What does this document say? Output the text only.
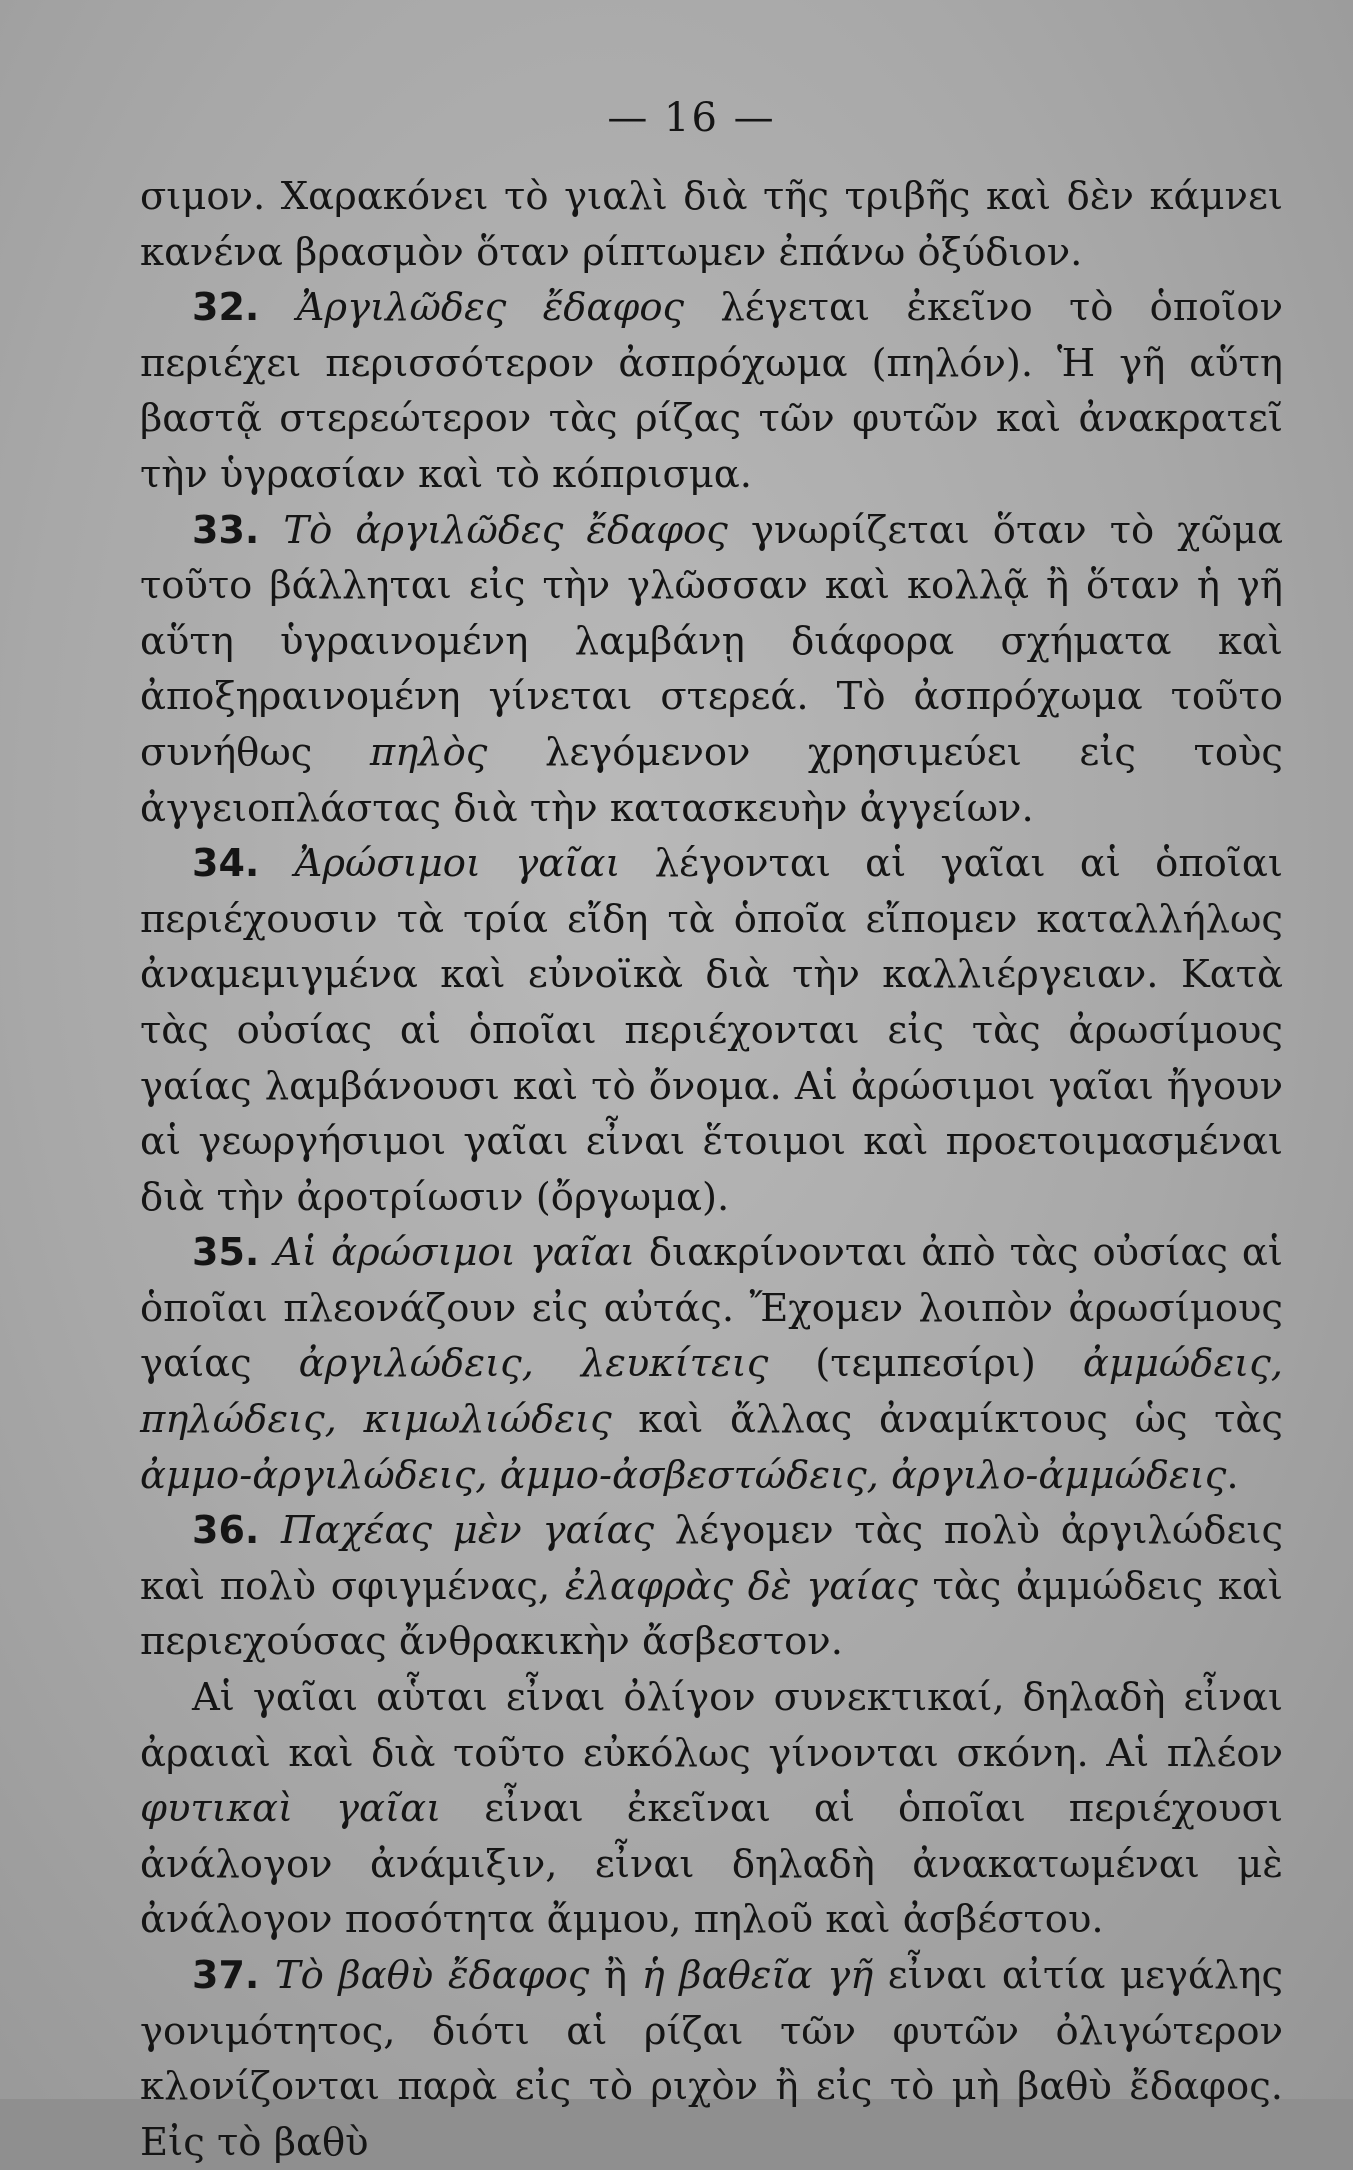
— 16 —

σιμον. Χαρακόνει τὸ γιαλὶ διὰ τῆς τριβῆς καὶ δὲν κάμνει κανένα βρασμὸν ὅταν ρίπτωμεν ἐπάνω ὀξύδιον.

32. Ἀργιλῶδες ἔδαφος λέγεται ἐκεῖνο τὸ ὁποῖον περιέχει περισσότερον ἀσπρόχωμα (πηλόν). Ἡ γῆ αὕτη βαστᾷ στερεώτερον τὰς ρίζας τῶν φυτῶν καὶ ἀνακρατεῖ τὴν ὑγρασίαν καὶ τὸ κόπρισμα.

33. Τὸ ἀργιλῶδες ἔδαφος γνωρίζεται ὅταν τὸ χῶμα τοῦτο βάλληται εἰς τὴν γλῶσσαν καὶ κολλᾷ ἢ ὅταν ἡ γῆ αὕτη ὑγραινομένη λαμβάνῃ διάφορα σχήματα καὶ ἀποξηραινομένη γίνεται στερεά. Τὸ ἀσπρόχωμα τοῦτο συνήθως πηλὸς λεγόμενον χρησιμεύει εἰς τοὺς ἀγγειοπλάστας διὰ τὴν κατασκευὴν ἀγγείων.

34. Ἀρώσιμοι γαῖαι λέγονται αἱ γαῖαι αἱ ὁποῖαι περιέχουσιν τὰ τρία εἴδη τὰ ὁποῖα εἴπομεν καταλλήλως ἀναμεμιγμένα καὶ εὐνοϊκὰ διὰ τὴν καλλιέργειαν. Κατὰ τὰς οὐσίας αἱ ὁποῖαι περιέχονται εἰς τὰς ἀρωσίμους γαίας λαμβάνουσι καὶ τὸ ὄνομα. Αἱ ἀρώσιμοι γαῖαι ἤγουν αἱ γεωργήσιμοι γαῖαι εἶναι ἕτοιμοι καὶ προετοιμασμέναι διὰ τὴν ἀροτρίωσιν (ὄργωμα).

35. Αἱ ἀρώσιμοι γαῖαι διακρίνονται ἀπὸ τὰς οὐσίας αἱ ὁποῖαι πλεονάζουν εἰς αὐτάς. Ἔχομεν λοιπὸν ἀρωσίμους γαίας ἀργιλώδεις, λευκίτεις (τεμπεσίρι) ἀμμώδεις, πηλώδεις, κιμωλιώδεις καὶ ἄλλας ἀναμίκτους ὡς τὰς ἀμμο-ἀργιλώδεις, ἀμμο-ἀσβεστώδεις, ἀργιλο-ἀμμώδεις.

36. Παχέας μὲν γαίας λέγομεν τὰς πολὺ ἀργιλώδεις καὶ πολὺ σφιγμένας, ἐλαφρὰς δὲ γαίας τὰς ἀμμώδεις καὶ περιεχούσας ἄνθρακικὴν ἄσβεστον.

Αἱ γαῖαι αὗται εἶναι ὀλίγον συνεκτικαί, δηλαδὴ εἶναι ἀραιαὶ καὶ διὰ τοῦτο εὐκόλως γίνονται σκόνη. Αἱ πλέον φυτικαὶ γαῖαι εἶναι ἐκεῖναι αἱ ὁποῖαι περιέχουσι ἀνάλογον ἀνάμιξιν, εἶναι δηλαδὴ ἀνακατωμέναι μὲ ἀνάλογον ποσότητα ἄμμου, πηλοῦ καὶ ἀσβέστου.

37. Τὸ βαθὺ ἔδαφος ἢ ἡ βαθεῖα γῆ εἶναι αἰτία μεγάλης γονιμότητος, διότι αἱ ρίζαι τῶν φυτῶν ὀλιγώτερον κλονίζονται παρὰ εἰς τὸ ριχὸν ἢ εἰς τὸ μὴ βαθὺ ἔδαφος. Εἰς τὸ βαθὺ
